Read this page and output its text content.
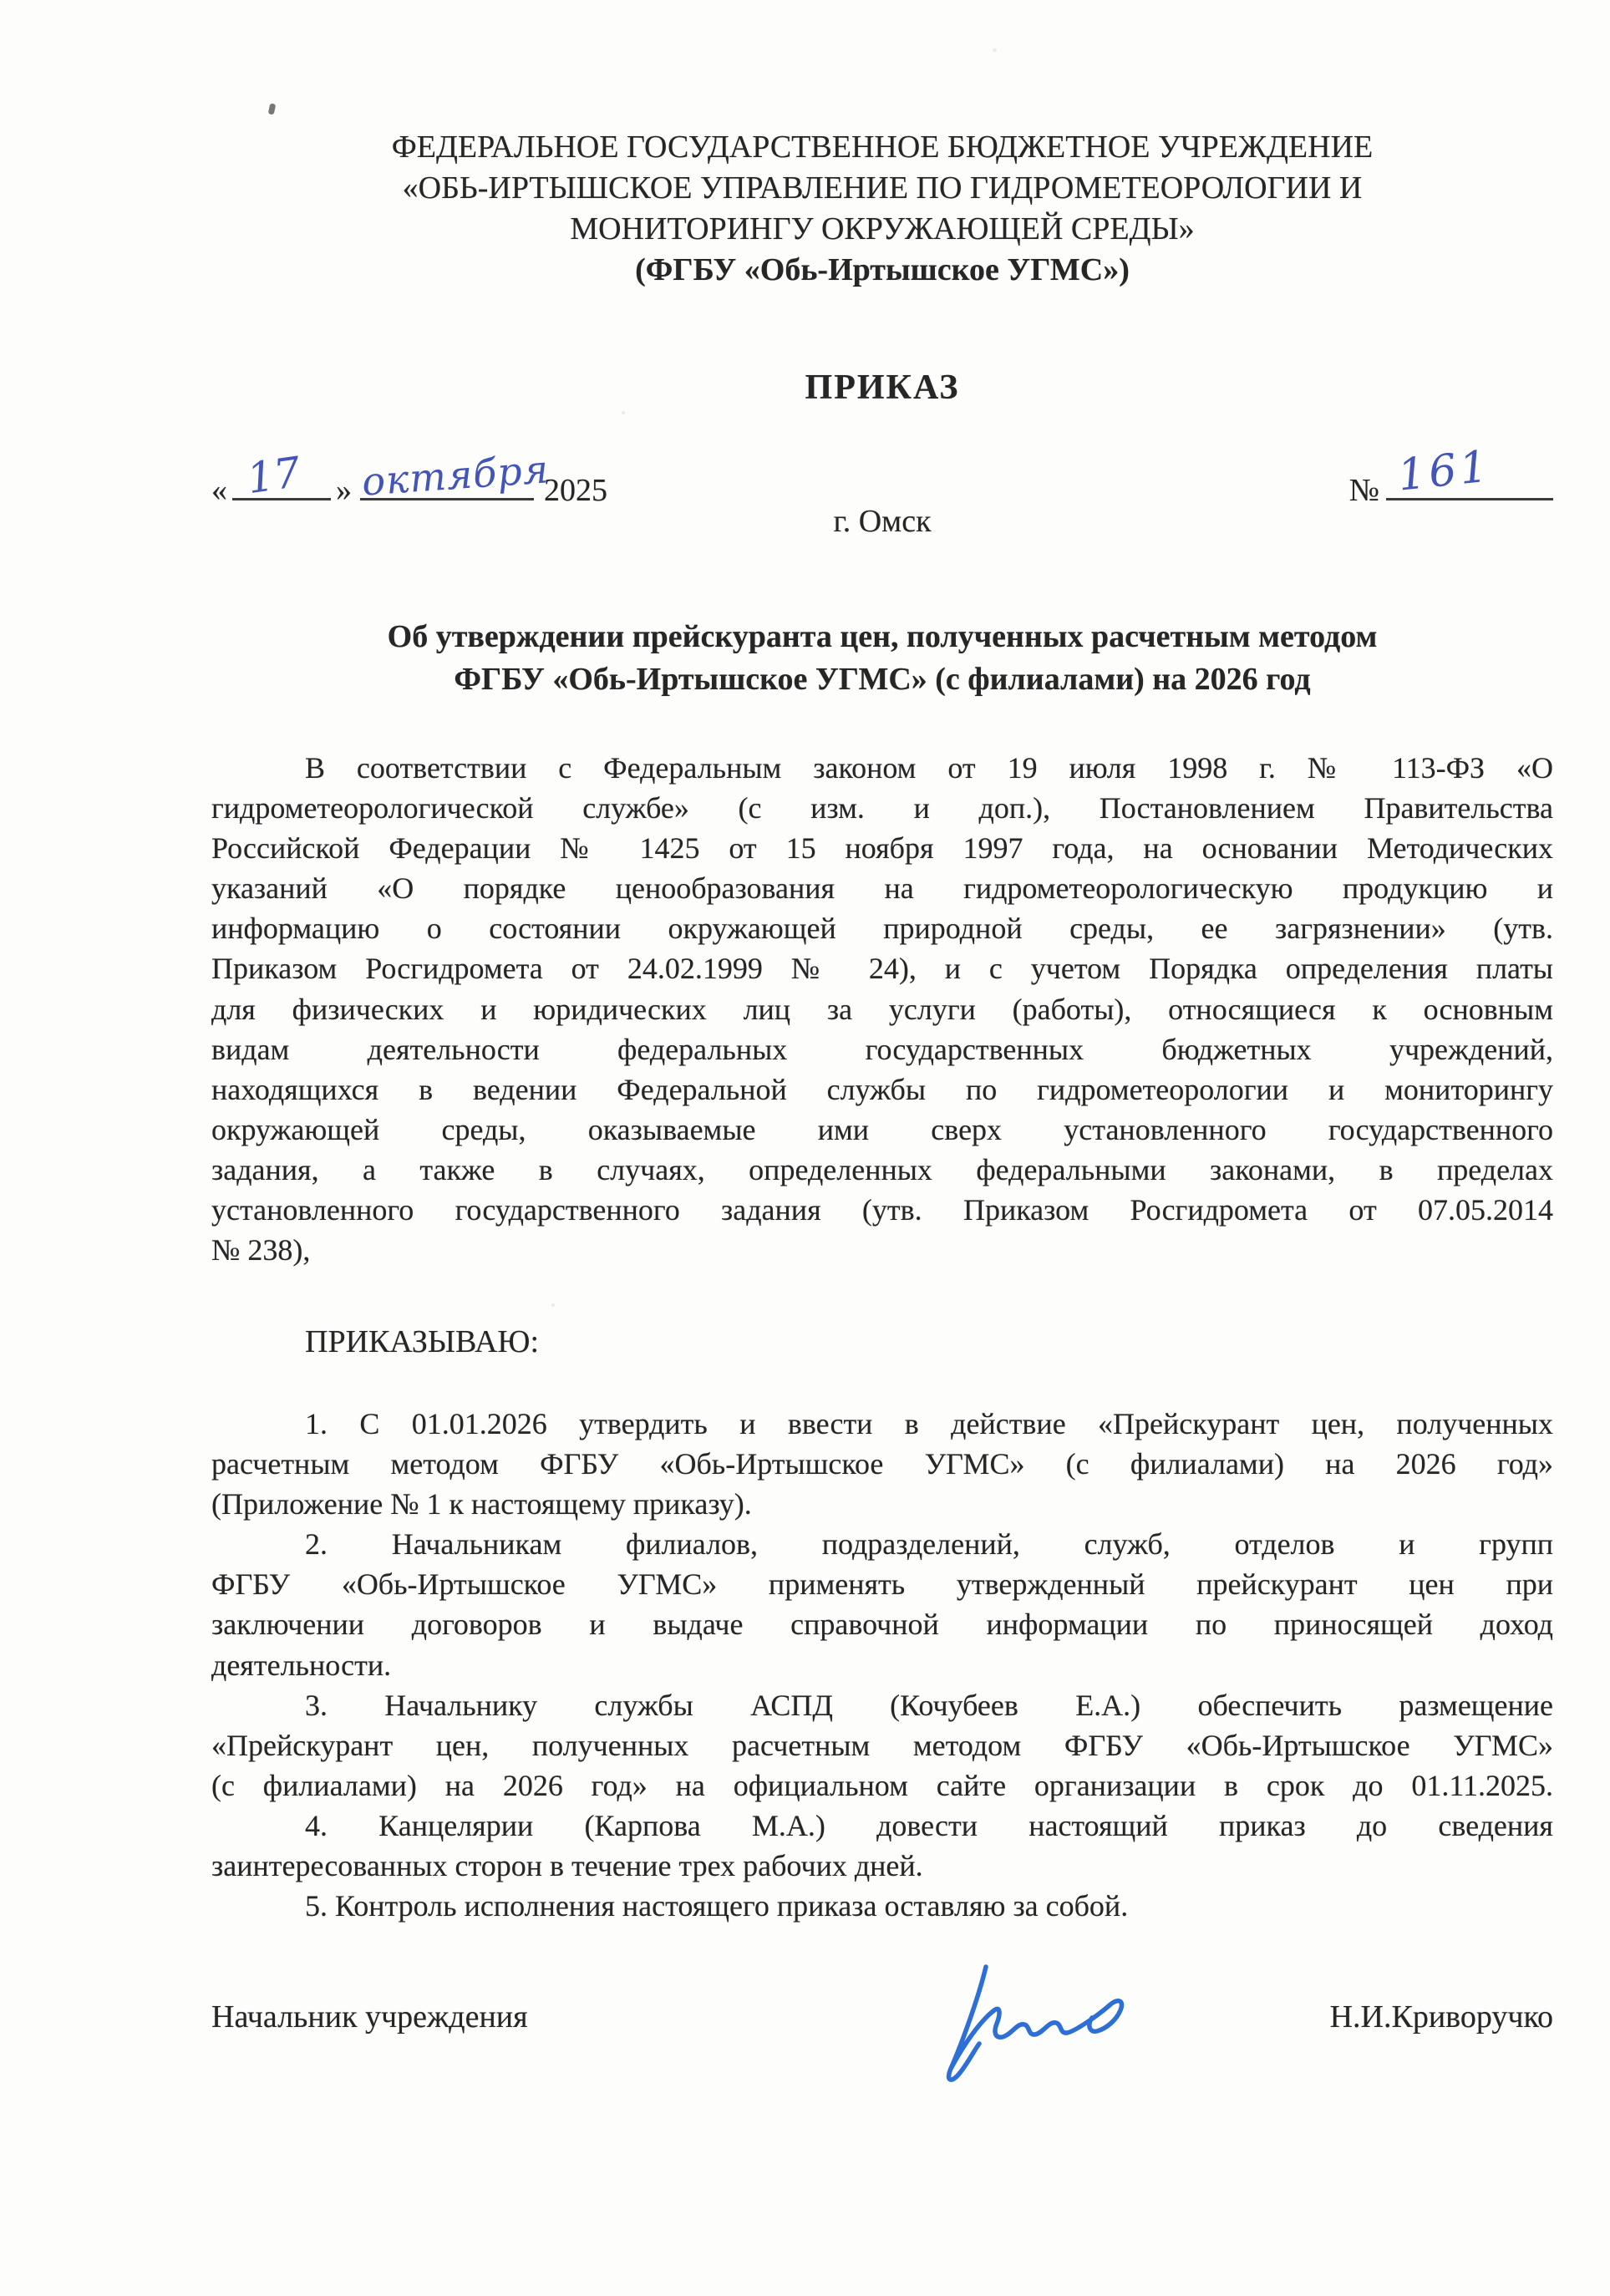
ФЕДЕРАЛЬНОЕ ГОСУДАРСТВЕННОЕ БЮДЖЕТНОЕ УЧРЕЖДЕНИЕ
«ОБЬ-ИРТЫШСКОЕ УПРАВЛЕНИЕ ПО ГИДРОМЕТЕОРОЛОГИИ И
МОНИТОРИНГУ ОКРУЖАЮЩЕЙ СРЕДЫ»
(ФГБУ «Обь-Иртышское УГМС»)
ПРИКАЗ
« 17 » октября
2025	№ 161
г. Омск
Об утверждении прейскуранта цен, полученных расчетным методом
ФГБУ «Обь-Иртышское УГМС» (с филиалами) на 2026 год
В соответствии с Федеральным законом от 19 июля 1998 г. № 113-ФЗ «О
гидрометеорологической службе» (с изм. и доп.), Постановлением Правительства
Российской Федерации № 1425 от 15 ноября 1997 года, на основании Методических
указаний «О порядке ценообразования на гидрометеорологическую продукцию и
информацию о состоянии окружающей природной среды, ее загрязнении» (утв.
Приказом Росгидромета от 24.02.1999 № 24), и с учетом Порядка определения платы
для физических и юридических лиц за услуги (работы), относящиеся к основным
видам деятельности федеральных государственных бюджетных учреждений,
находящихся в ведении Федеральной службы по гидрометеорологии и мониторингу
окружающей среды, оказываемые ими сверх установленного государственного
задания, а также в случаях, определенных федеральными законами, в пределах
установленного государственного задания (утв. Приказом Росгидромета от 07.05.2014
№ 238),
ПРИКАЗЫВАЮ:
1. С 01.01.2026 утвердить и ввести в действие «Прейскурант цен, полученных
расчетным методом ФГБУ «Обь-Иртышское УГМС» (с филиалами) на 2026 год»
(Приложение № 1 к настоящему приказу).
2. Начальникам филиалов, подразделений, служб, отделов и групп
ФГБУ «Обь-Иртышское УГМС» применять утвержденный прейскурант цен при
заключении договоров и выдаче справочной информации по приносящей доход
деятельности.
3. Начальнику службы АСПД (Кочубеев Е.А.) обеспечить размещение
«Прейскурант цен, полученных расчетным методом ФГБУ «Обь-Иртышское УГМС»
(с филиалами) на 2026 год» на официальном сайте организации в срок до 01.11.2025.
4. Канцелярии (Карпова М.А.) довести настоящий приказ до сведения
заинтересованных сторон в течение трех рабочих дней.
5. Контроль исполнения настоящего приказа оставляю за собой.
Начальник учреждения	Н.И.Криворучко
